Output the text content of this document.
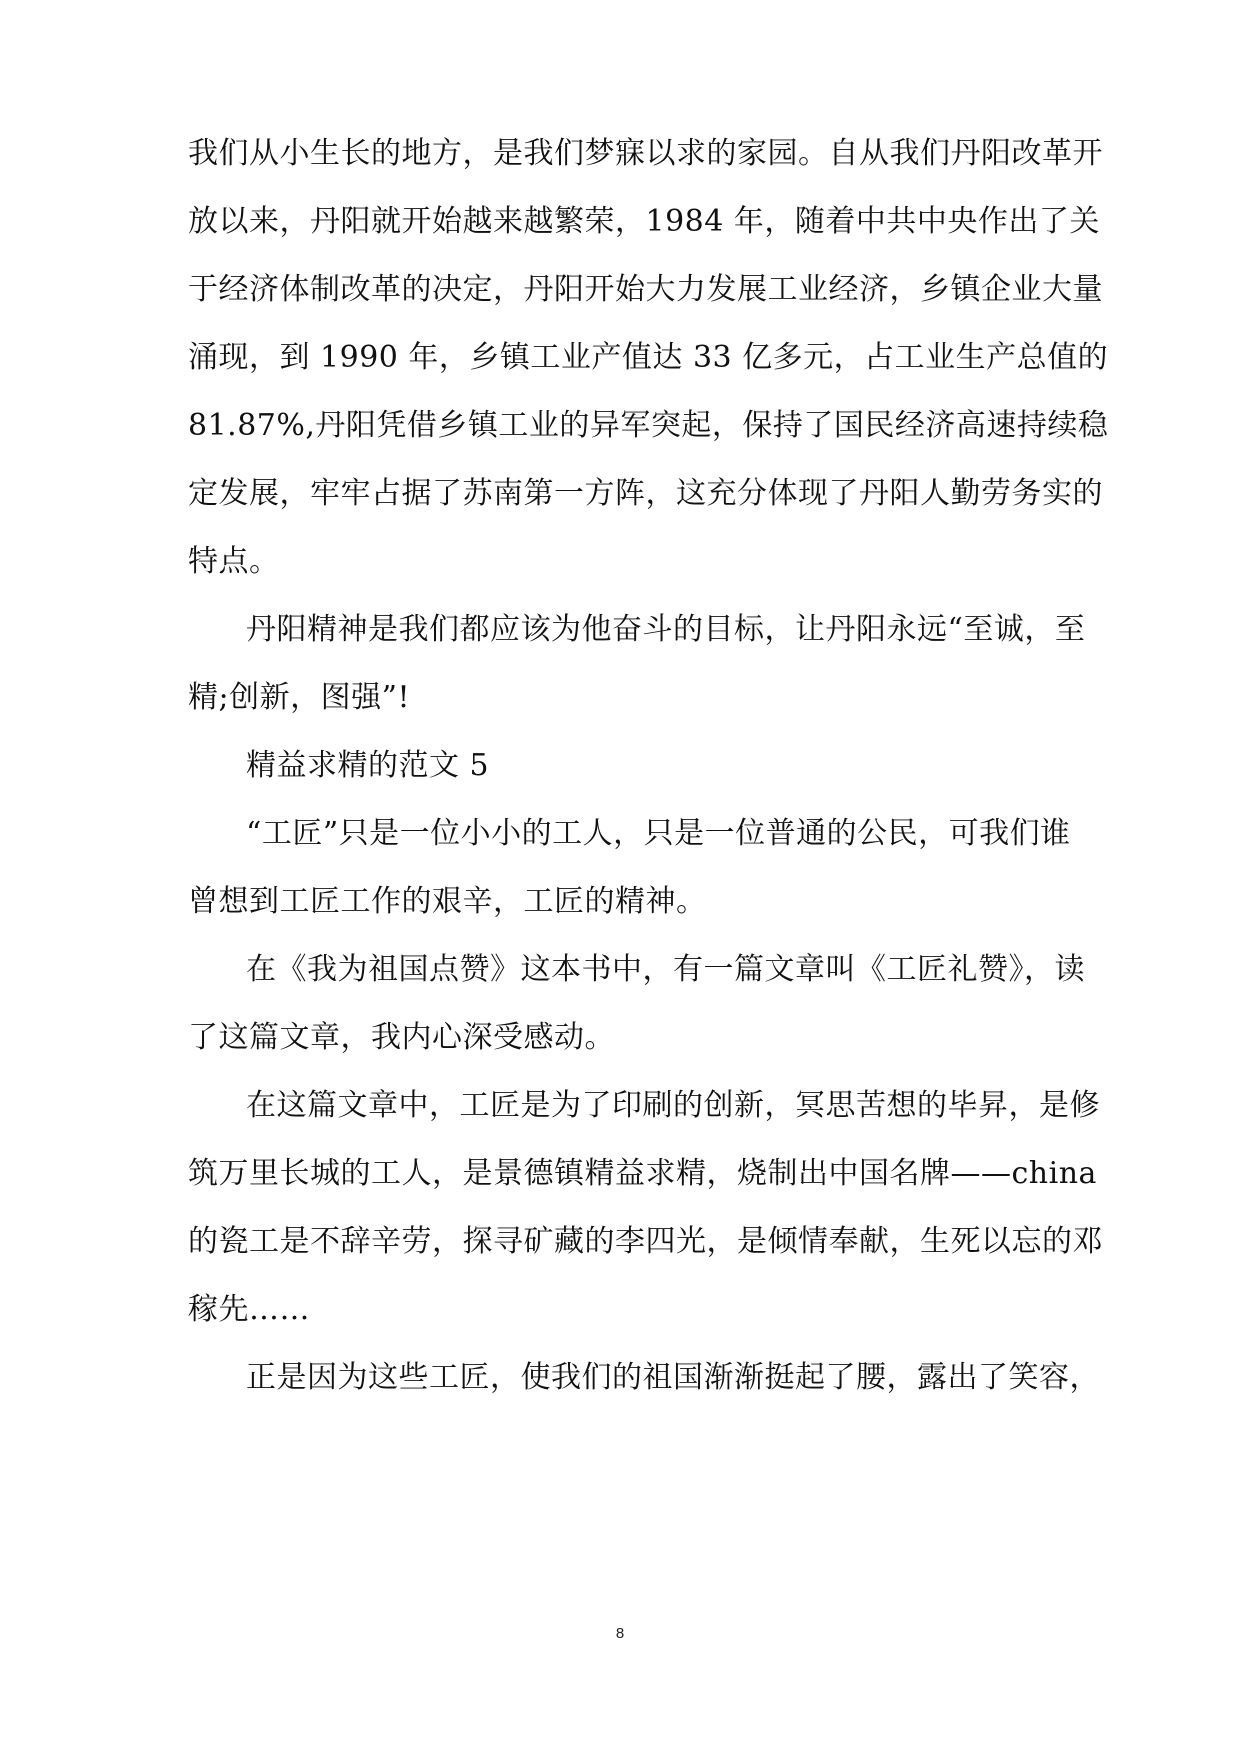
我们从小生长的地方，是我们梦寐以求的家园。自从我们丹阳改革开
放以来，丹阳就开始越来越繁荣，1984 年，随着中共中央作出了关
于经济体制改革的决定，丹阳开始大力发展工业经济，乡镇企业大量
涌现，到 1990 年，乡镇工业产值达 33 亿多元，占工业生产总值的
81.87%,丹阳凭借乡镇工业的异军突起，保持了国民经济高速持续稳
定发展，牢牢占据了苏南第一方阵，这充分体现了丹阳人勤劳务实的
特点。
丹阳精神是我们都应该为他奋斗的目标，让丹阳永远“至诚，至
精;创新，图强”!
精益求精的范文 5
“工匠”只是一位小小的工人，只是一位普通的公民，可我们谁
曾想到工匠工作的艰辛，工匠的精神。
在《我为祖国点赞》这本书中，有一篇文章叫《工匠礼赞》，读
了这篇文章，我内心深受感动。
在这篇文章中，工匠是为了印刷的创新，冥思苦想的毕昇，是修
筑万里长城的工人，是景德镇精益求精，烧制出中国名牌——china
的瓷工是不辞辛劳，探寻矿藏的李四光，是倾情奉献，生死以忘的邓
稼先……
正是因为这些工匠，使我们的祖国渐渐挺起了腰，露出了笑容，
8
